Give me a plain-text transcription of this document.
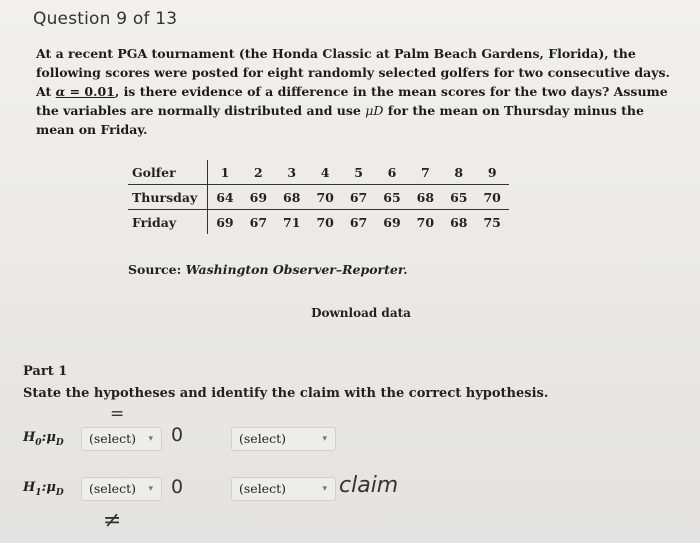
Question 9 of 13
At a recent PGA tournament (the Honda Classic at Palm Beach Gardens, Florida), the following scores were posted for eight randomly selected golfers for two consecutive days. At α = 0.01, is there evidence of a difference in the mean scores for the two days? Assume the variables are normally distributed and use μD for the mean on Thursday minus the mean on Friday.
Golfer	1	2	3	4	5	6	7	8	9
Thursday	64	69	68	70	67	65	68	65	70
Friday	69	67	71	70	67	69	70	68	75
Source: Washington Observer–Reporter.
Download data
Part 1
State the hypotheses and identify the claim with the correct hypothesis.
=
$H_0:\mu_D$	(select) ▾ 0	(select)	▾
$H_1:\mu_D$	(select) ▾ 0	(select)	▾ claim
≠
